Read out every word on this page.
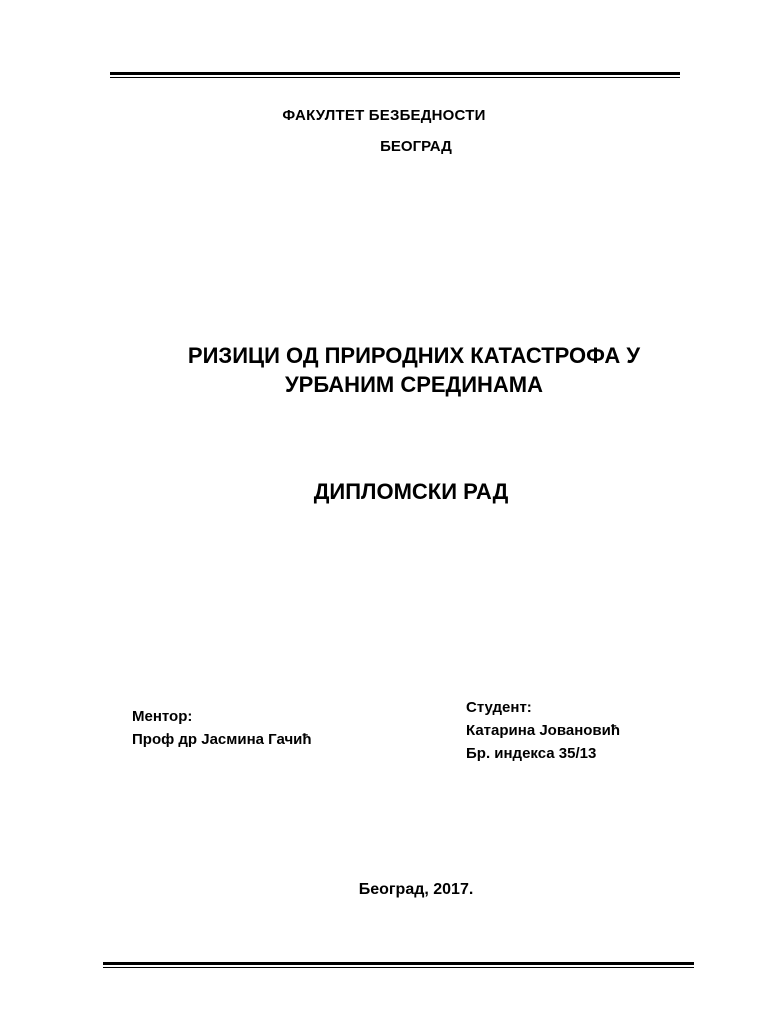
ФАКУЛТЕТ БЕЗБЕДНОСТИ
БЕОГРАД
РИЗИЦИ ОД ПРИРОДНИХ КАТАСТРОФА У
УРБАНИМ СРЕДИНАМА
ДИПЛОМСКИ РАД
Ментор:
Проф др Јасмина Гачић
Студент:
Катарина Јовановић
Бр. индекса 35/13
Београд, 2017.
